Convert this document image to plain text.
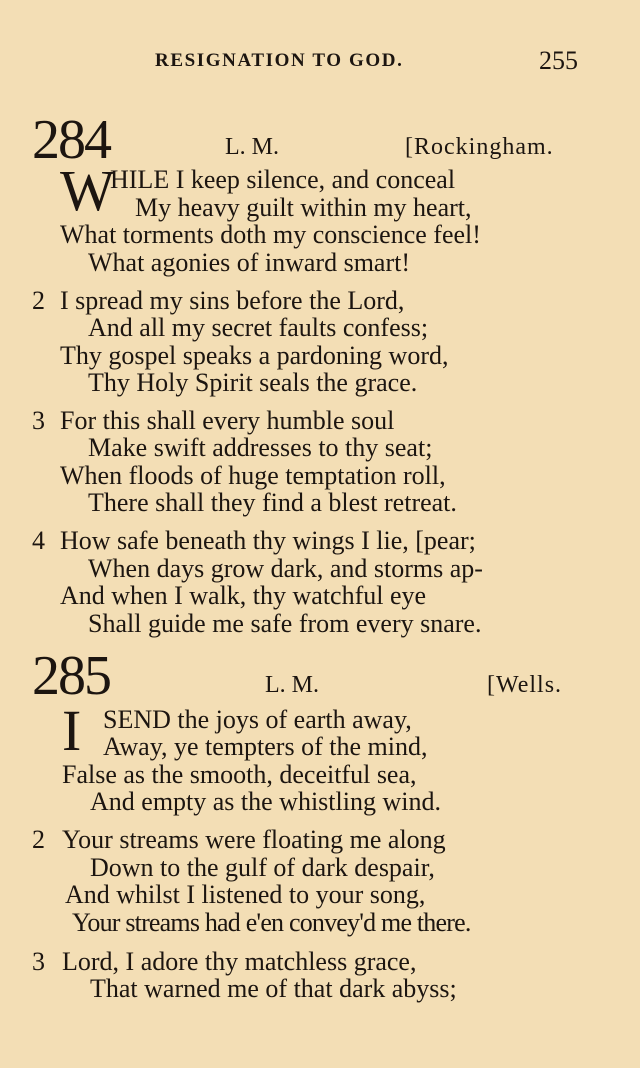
RESIGNATION TO GOD.	255
284	L. M.	[Rockingham.
W
HILE I keep silence, and conceal
My heavy guilt within my heart,
What torments doth my conscience feel!
What agonies of inward smart!
2 I spread my sins before the Lord,
And all my secret faults confess;
Thy gospel speaks a pardoning word,
Thy Holy Spirit seals the grace.
3 For this shall every humble soul
Make swift addresses to thy seat;
When floods of huge temptation roll,
There shall they find a blest retreat.
4 How safe beneath thy wings I lie, [pear;
When days grow dark, and storms ap-
And when I walk, thy watchful eye
Shall guide me safe from every snare.
285	L. M.	[Wells.
I SEND the joys of earth away,
Away, ye tempters of the mind,
False as the smooth, deceitful sea,
And empty as the whistling wind.
2 Your streams were floating me along
Down to the gulf of dark despair,
And whilst I listened to your song,
Your streams had e'en convey'd me there.
3 Lord, I adore thy matchless grace,
That warned me of that dark abyss;
